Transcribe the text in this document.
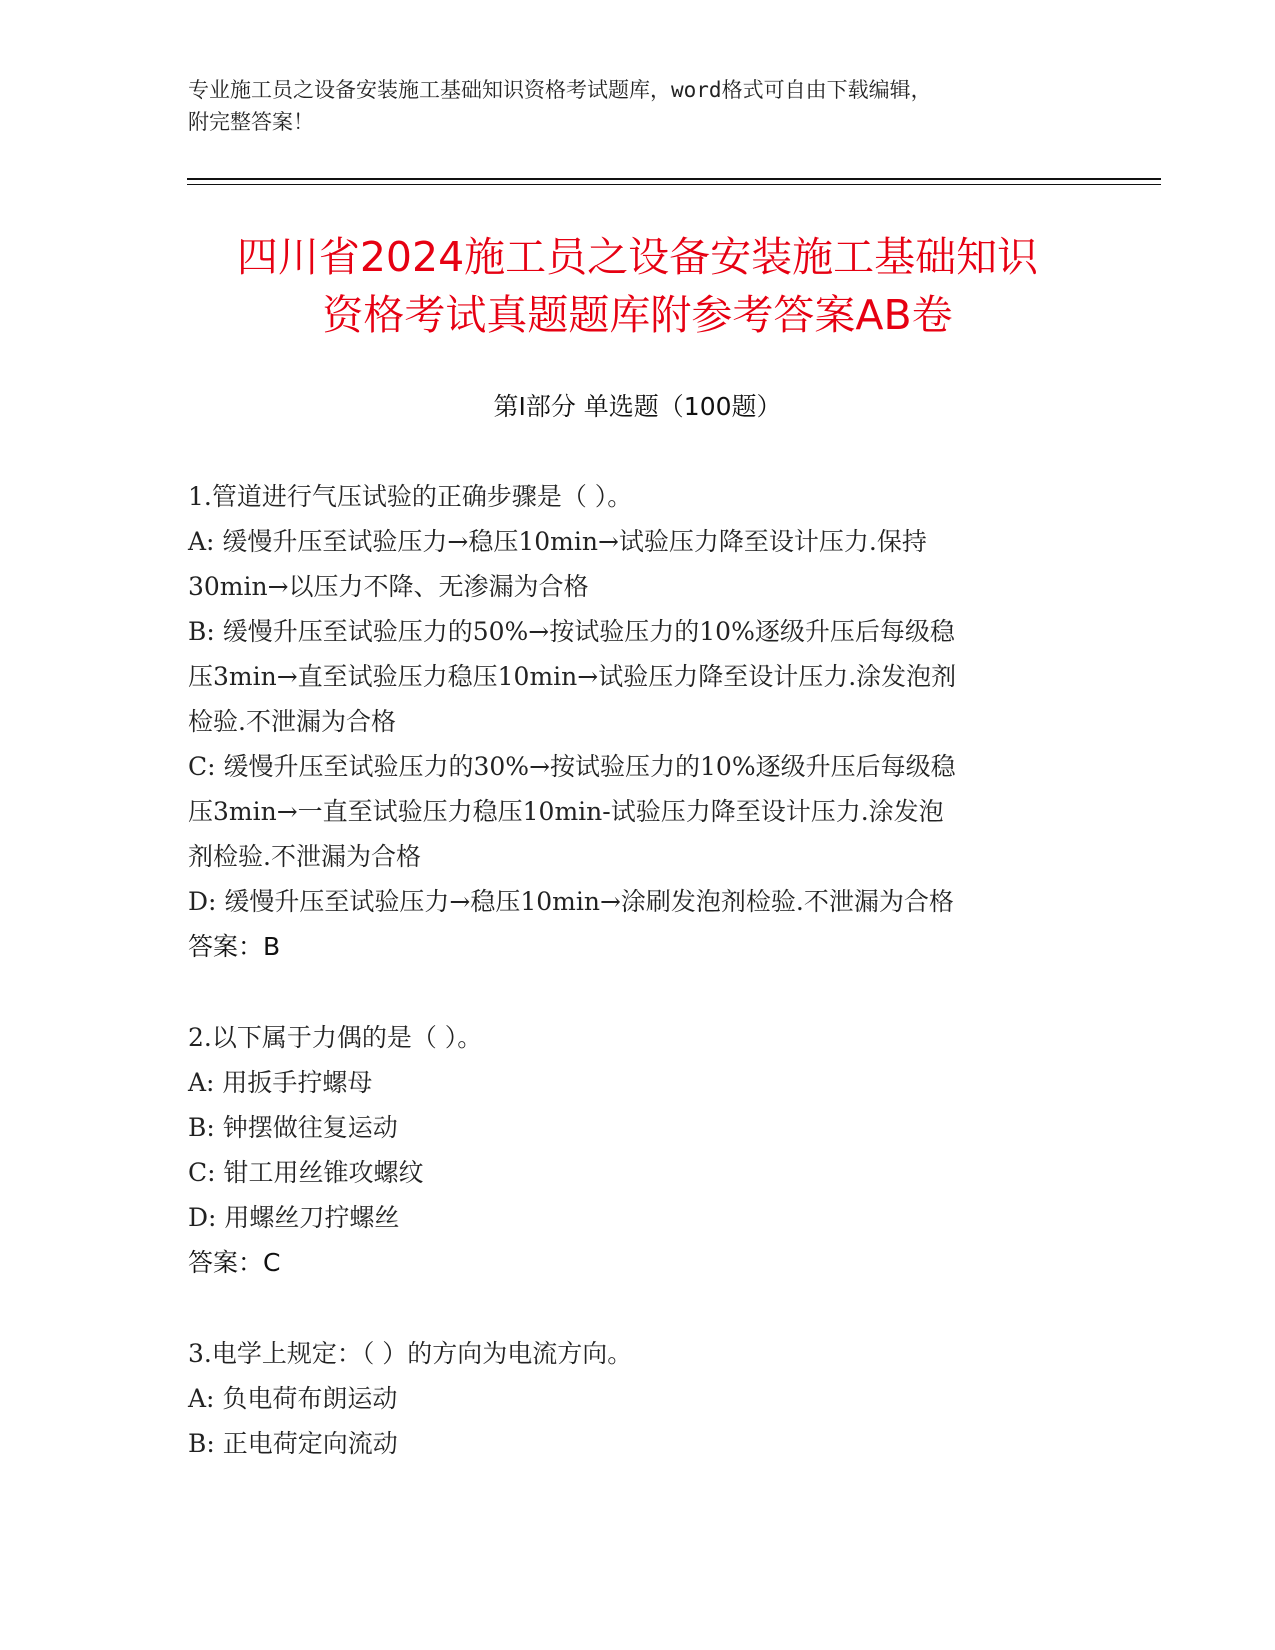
专业施工员之设备安装施工基础知识资格考试题库，word格式可自由下载编辑，
附完整答案！
四川省2024施工员之设备安装施工基础知识
资格考试真题题库附参考答案AB卷
第Ⅰ部分 单选题（100题）
1.管道进行气压试验的正确步骤是（ ）。
A: 缓慢升压至试验压力→稳压10min→试验压力降至设计压力.保持
30min→以压力不降、无渗漏为合格
B: 缓慢升压至试验压力的50%→按试验压力的10%逐级升压后每级稳
压3min→直至试验压力稳压10min→试验压力降至设计压力.涂发泡剂
检验.不泄漏为合格
C: 缓慢升压至试验压力的30%→按试验压力的10%逐级升压后每级稳
压3min→一直至试验压力稳压10min-试验压力降至设计压力.涂发泡
剂检验.不泄漏为合格
D: 缓慢升压至试验压力→稳压10min→涂刷发泡剂检验.不泄漏为合格
答案：B
2.以下属于力偶的是（ ）。
A: 用扳手拧螺母
B: 钟摆做往复运动
C: 钳工用丝锥攻螺纹
D: 用螺丝刀拧螺丝
答案：C
3.电学上规定：（ ）的方向为电流方向。
A: 负电荷布朗运动
B: 正电荷定向流动
